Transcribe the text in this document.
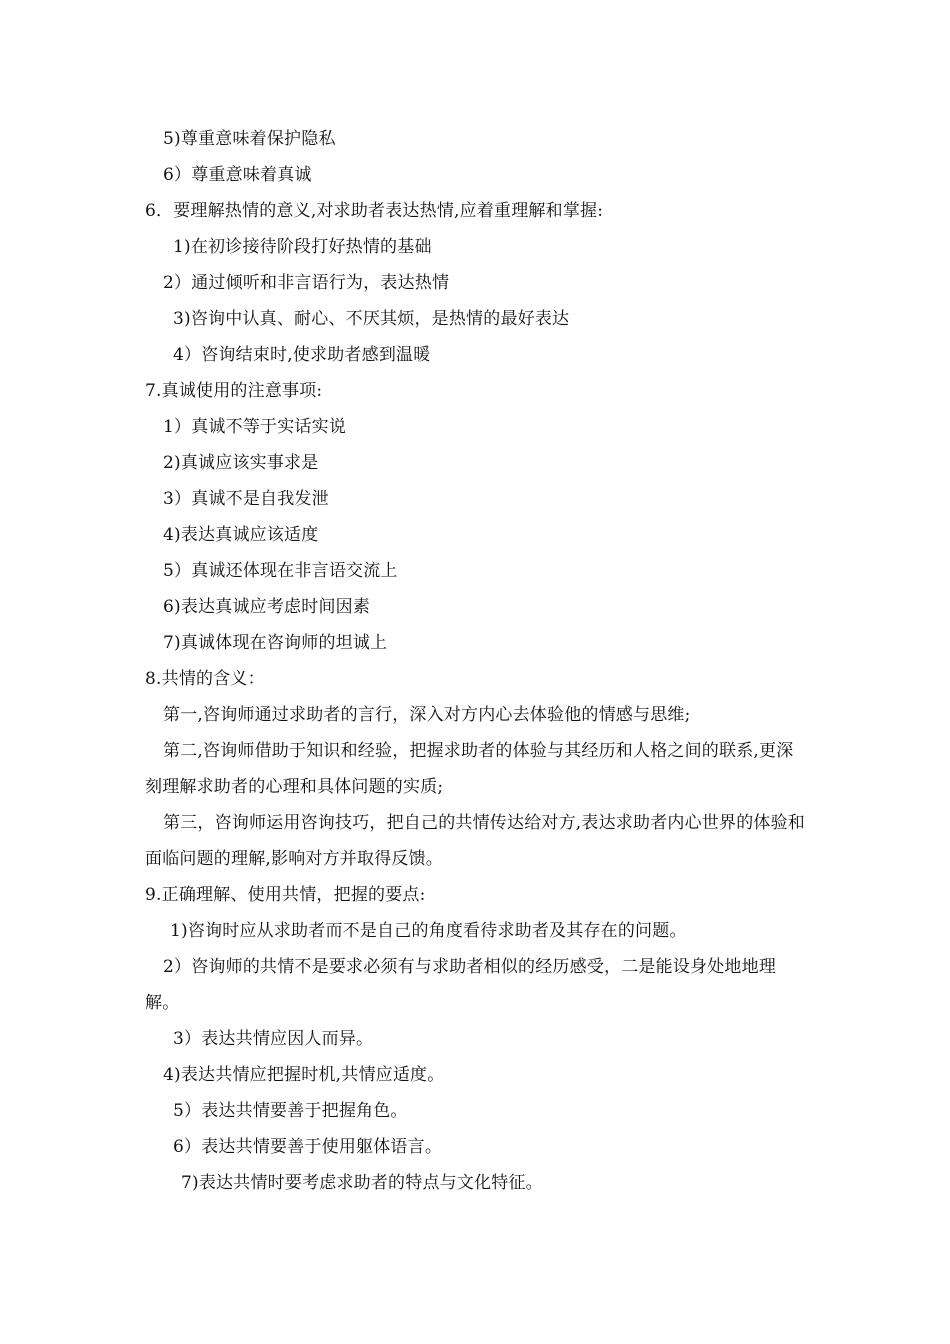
5)尊重意味着保护隐私
6）尊重意味着真诚
6．要理解热情的意义,对求助者表达热情,应着重理解和掌握:
1)在初诊接待阶段打好热情的基础
2）通过倾听和非言语行为，表达热情
3)咨询中认真、耐心、不厌其烦，是热情的最好表达
4）咨询结束时,使求助者感到温暖
7.真诚使用的注意事项:
1）真诚不等于实话实说
2)真诚应该实事求是
3）真诚不是自我发泄
4)表达真诚应该适度
5）真诚还体现在非言语交流上
6)表达真诚应考虑时间因素
7)真诚体现在咨询师的坦诚上
8.共情的含义：
第一,咨询师通过求助者的言行，深入对方内心去体验他的情感与思维;
第二,咨询师借助于知识和经验，把握求助者的体验与其经历和人格之间的联系,更深刻理解求助者的心理和具体问题的实质;
第三，咨询师运用咨询技巧，把自己的共情传达给对方,表达求助者内心世界的体验和面临问题的理解,影响对方并取得反馈。
9.正确理解、使用共情，把握的要点:
1)咨询时应从求助者而不是自己的角度看待求助者及其存在的问题。
2）咨询师的共情不是要求必须有与求助者相似的经历感受，二是能设身处地地理解。
3）表达共情应因人而异。
4)表达共情应把握时机,共情应适度。
5）表达共情要善于把握角色。
6）表达共情要善于使用躯体语言。
7)表达共情时要考虑求助者的特点与文化特征。
